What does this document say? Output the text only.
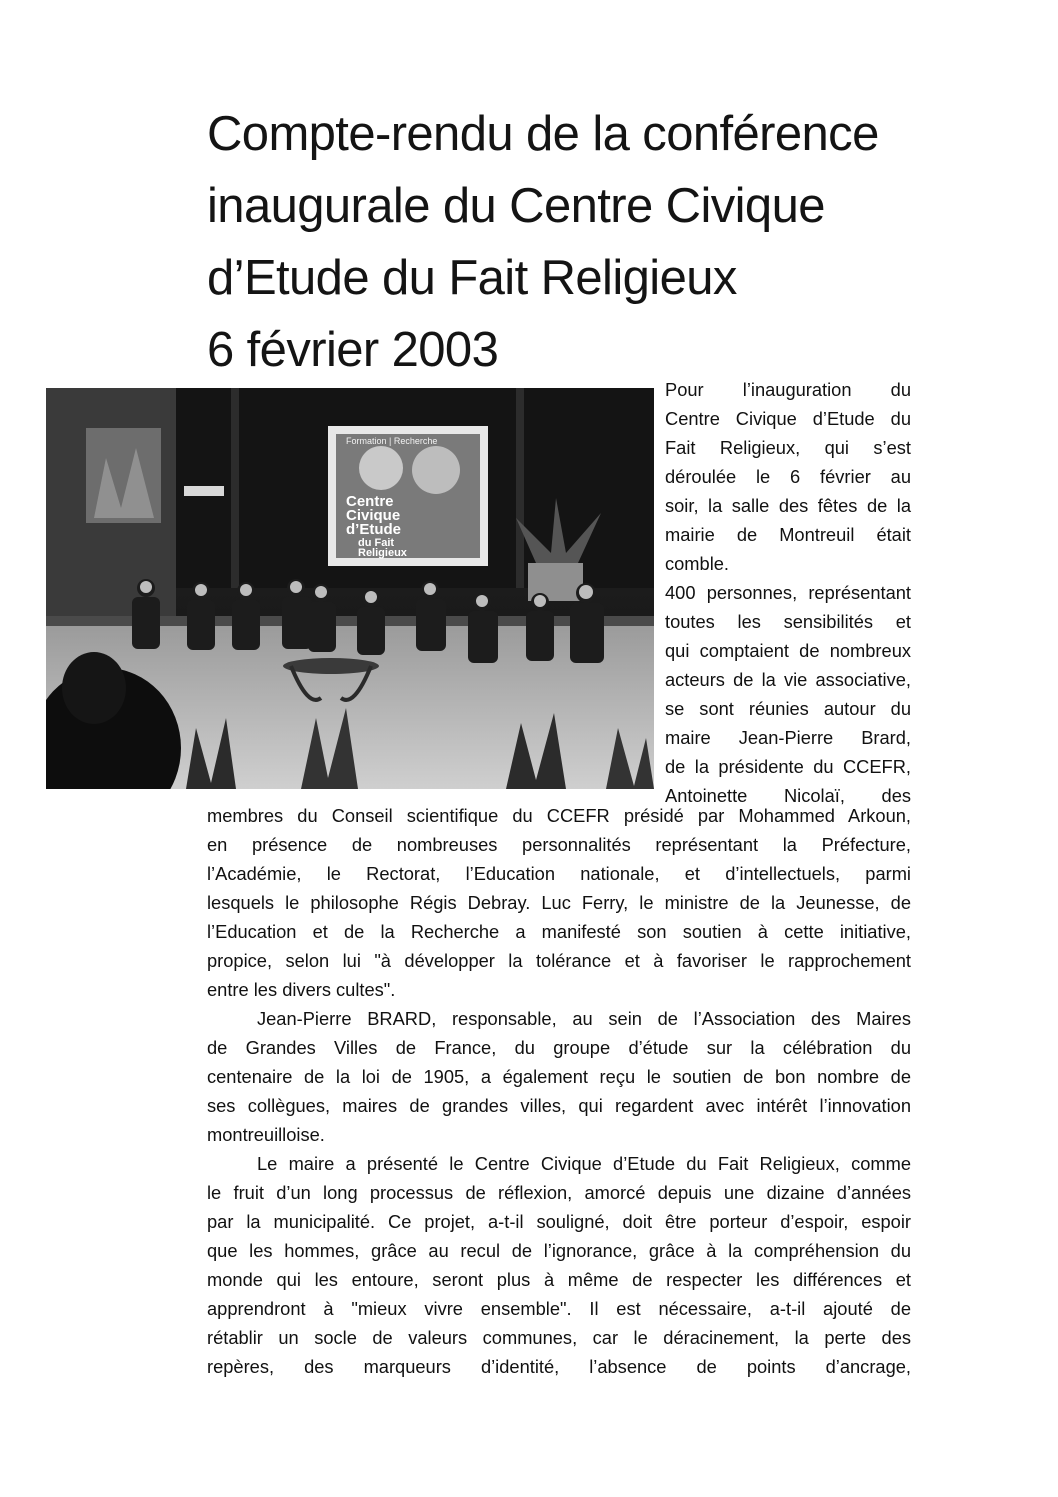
Compte-rendu de la conférence
inaugurale du Centre Civique
d’Etude du Fait Religieux
6 février 2003
Formation | Recherche
Centre
Civique
d’Etude
du Fait
Religieux
Pour l’inauguration du
Centre Civique d’Etude du
Fait Religieux, qui s’est
déroulée le 6 février au
soir, la salle des fêtes de la
mairie de Montreuil était
comble.
400 personnes, représentant
toutes les sensibilités et
qui comptaient de nombreux
acteurs de la vie associative,
se sont réunies autour du
maire Jean-Pierre Brard,
de la présidente du CCEFR,
Antoinette Nicolaï, des
membres du Conseil scientifique du CCEFR présidé par Mohammed Arkoun,
en présence de nombreuses personnalités représentant la Préfecture,
l’Académie, le Rectorat, l’Education nationale, et d’intellectuels, parmi
lesquels le philosophe Régis Debray. Luc Ferry, le ministre de la Jeunesse, de
l’Education et de la Recherche a manifesté son soutien à cette initiative,
propice, selon lui "à développer la tolérance et à favoriser le rapprochement
entre les divers cultes".
Jean-Pierre BRARD, responsable, au sein de l’Association des Maires
de Grandes Villes de France, du groupe d’étude sur la célébration du
centenaire de la loi de 1905, a également reçu le soutien de bon nombre de
ses collègues, maires de grandes villes, qui regardent avec intérêt l’innovation
montreuilloise.
Le maire a présenté le Centre Civique d’Etude du Fait Religieux, comme
le fruit d’un long processus de réflexion, amorcé depuis une dizaine d’années
par la municipalité. Ce projet, a-t-il souligné, doit être porteur d’espoir, espoir
que les hommes, grâce au recul de l’ignorance, grâce à la compréhension du
monde qui les entoure, seront plus à même de respecter les différences et
apprendront à "mieux vivre ensemble". Il est nécessaire, a-t-il ajouté de
rétablir un socle de valeurs communes, car le déracinement, la perte des
repères, des marqueurs d’identité, l’absence de points d’ancrage,
